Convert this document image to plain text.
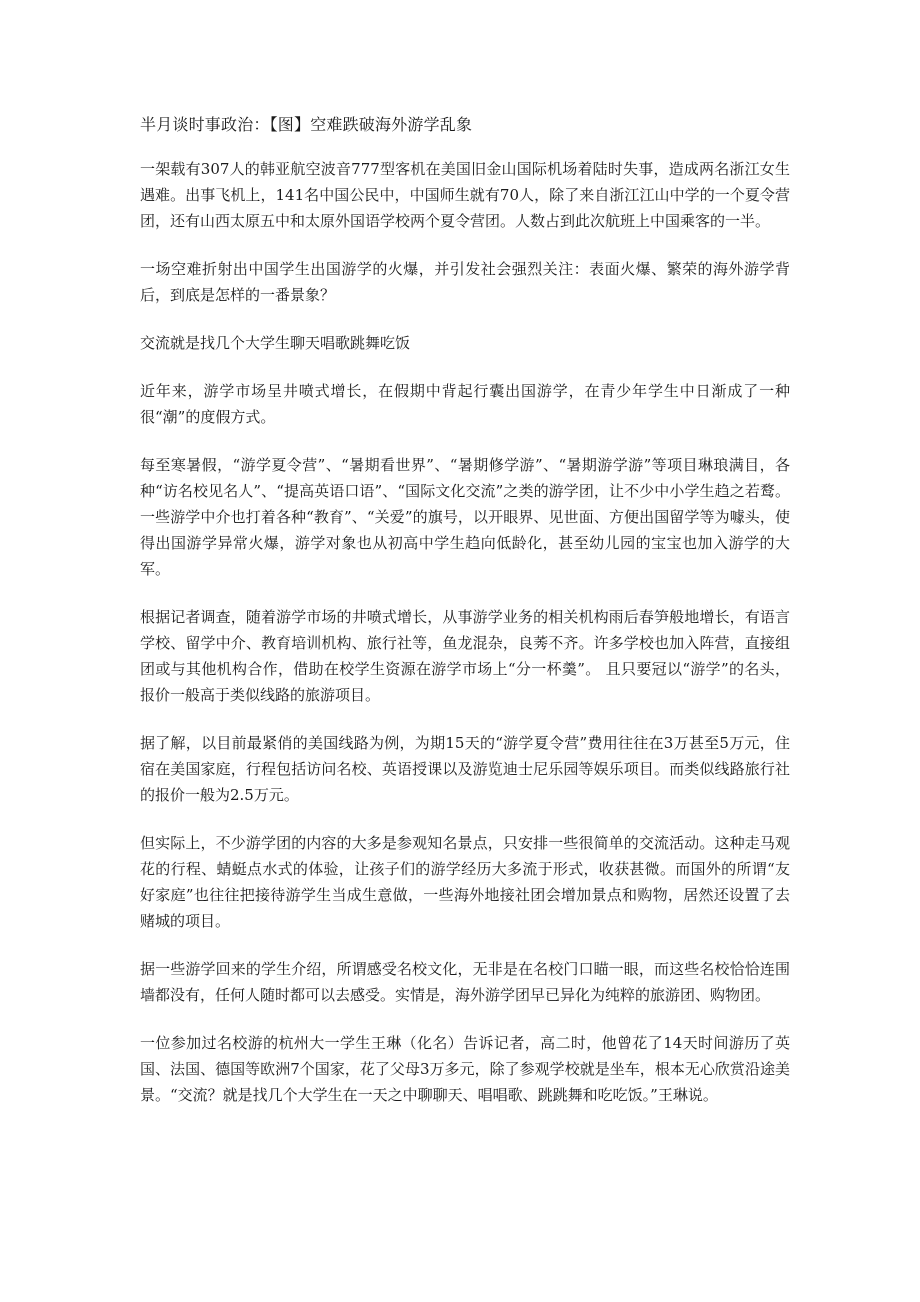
半月谈时事政治：【图】空难跌破海外游学乱象

一架载有307人的韩亚航空波音777型客机在美国旧金山国际机场着陆时失事，造成两名浙江女生遇难。出事飞机上，141名中国公民中，中国师生就有70人，除了来自浙江江山中学的一个夏令营团，还有山西太原五中和太原外国语学校两个夏令营团。人数占到此次航班上中国乘客的一半。

一场空难折射出中国学生出国游学的火爆，并引发社会强烈关注：表面火爆、繁荣的海外游学背后，到底是怎样的一番景象？

交流就是找几个大学生聊天唱歌跳舞吃饭

近年来，游学市场呈井喷式增长，在假期中背起行囊出国游学，在青少年学生中日渐成了一种很“潮”的度假方式。

每至寒暑假，“游学夏令营”、“暑期看世界”、“暑期修学游”、“暑期游学游”等项目琳琅满目，各种“访名校见名人”、“提高英语口语”、“国际文化交流”之类的游学团，让不少中小学生趋之若鹜。一些游学中介也打着各种“教育”、“关爱”的旗号，以开眼界、见世面、方便出国留学等为噱头，使得出国游学异常火爆，游学对象也从初高中学生趋向低龄化，甚至幼儿园的宝宝也加入游学的大军。

根据记者调查，随着游学市场的井喷式增长，从事游学业务的相关机构雨后春笋般地增长，有语言学校、留学中介、教育培训机构、旅行社等，鱼龙混杂，良莠不齐。许多学校也加入阵营，直接组团或与其他机构合作，借助在校学生资源在游学市场上“分一杯羹”。 且只要冠以“游学”的名头，报价一般高于类似线路的旅游项目。

据了解，以目前最紧俏的美国线路为例，为期15天的“游学夏令营”费用往往在3万甚至5万元，住宿在美国家庭，行程包括访问名校、英语授课以及游览迪士尼乐园等娱乐项目。而类似线路旅行社的报价一般为2.5万元。

但实际上，不少游学团的内容的大多是参观知名景点，只安排一些很简单的交流活动。这种走马观花的行程、蜻蜓点水式的体验，让孩子们的游学经历大多流于形式，收获甚微。而国外的所谓“友好家庭”也往往把接待游学生当成生意做，一些海外地接社团会增加景点和购物，居然还设置了去赌城的项目。

据一些游学回来的学生介绍，所谓感受名校文化，无非是在名校门口瞄一眼，而这些名校恰恰连围墙都没有，任何人随时都可以去感受。实情是，海外游学团早已异化为纯粹的旅游团、购物团。

一位参加过名校游的杭州大一学生王琳（化名）告诉记者，高二时，他曾花了14天时间游历了英国、法国、德国等欧洲7个国家，花了父母3万多元，除了参观学校就是坐车，根本无心欣赏沿途美景。“交流？就是找几个大学生在一天之中聊聊天、唱唱歌、跳跳舞和吃吃饭。”王琳说。
